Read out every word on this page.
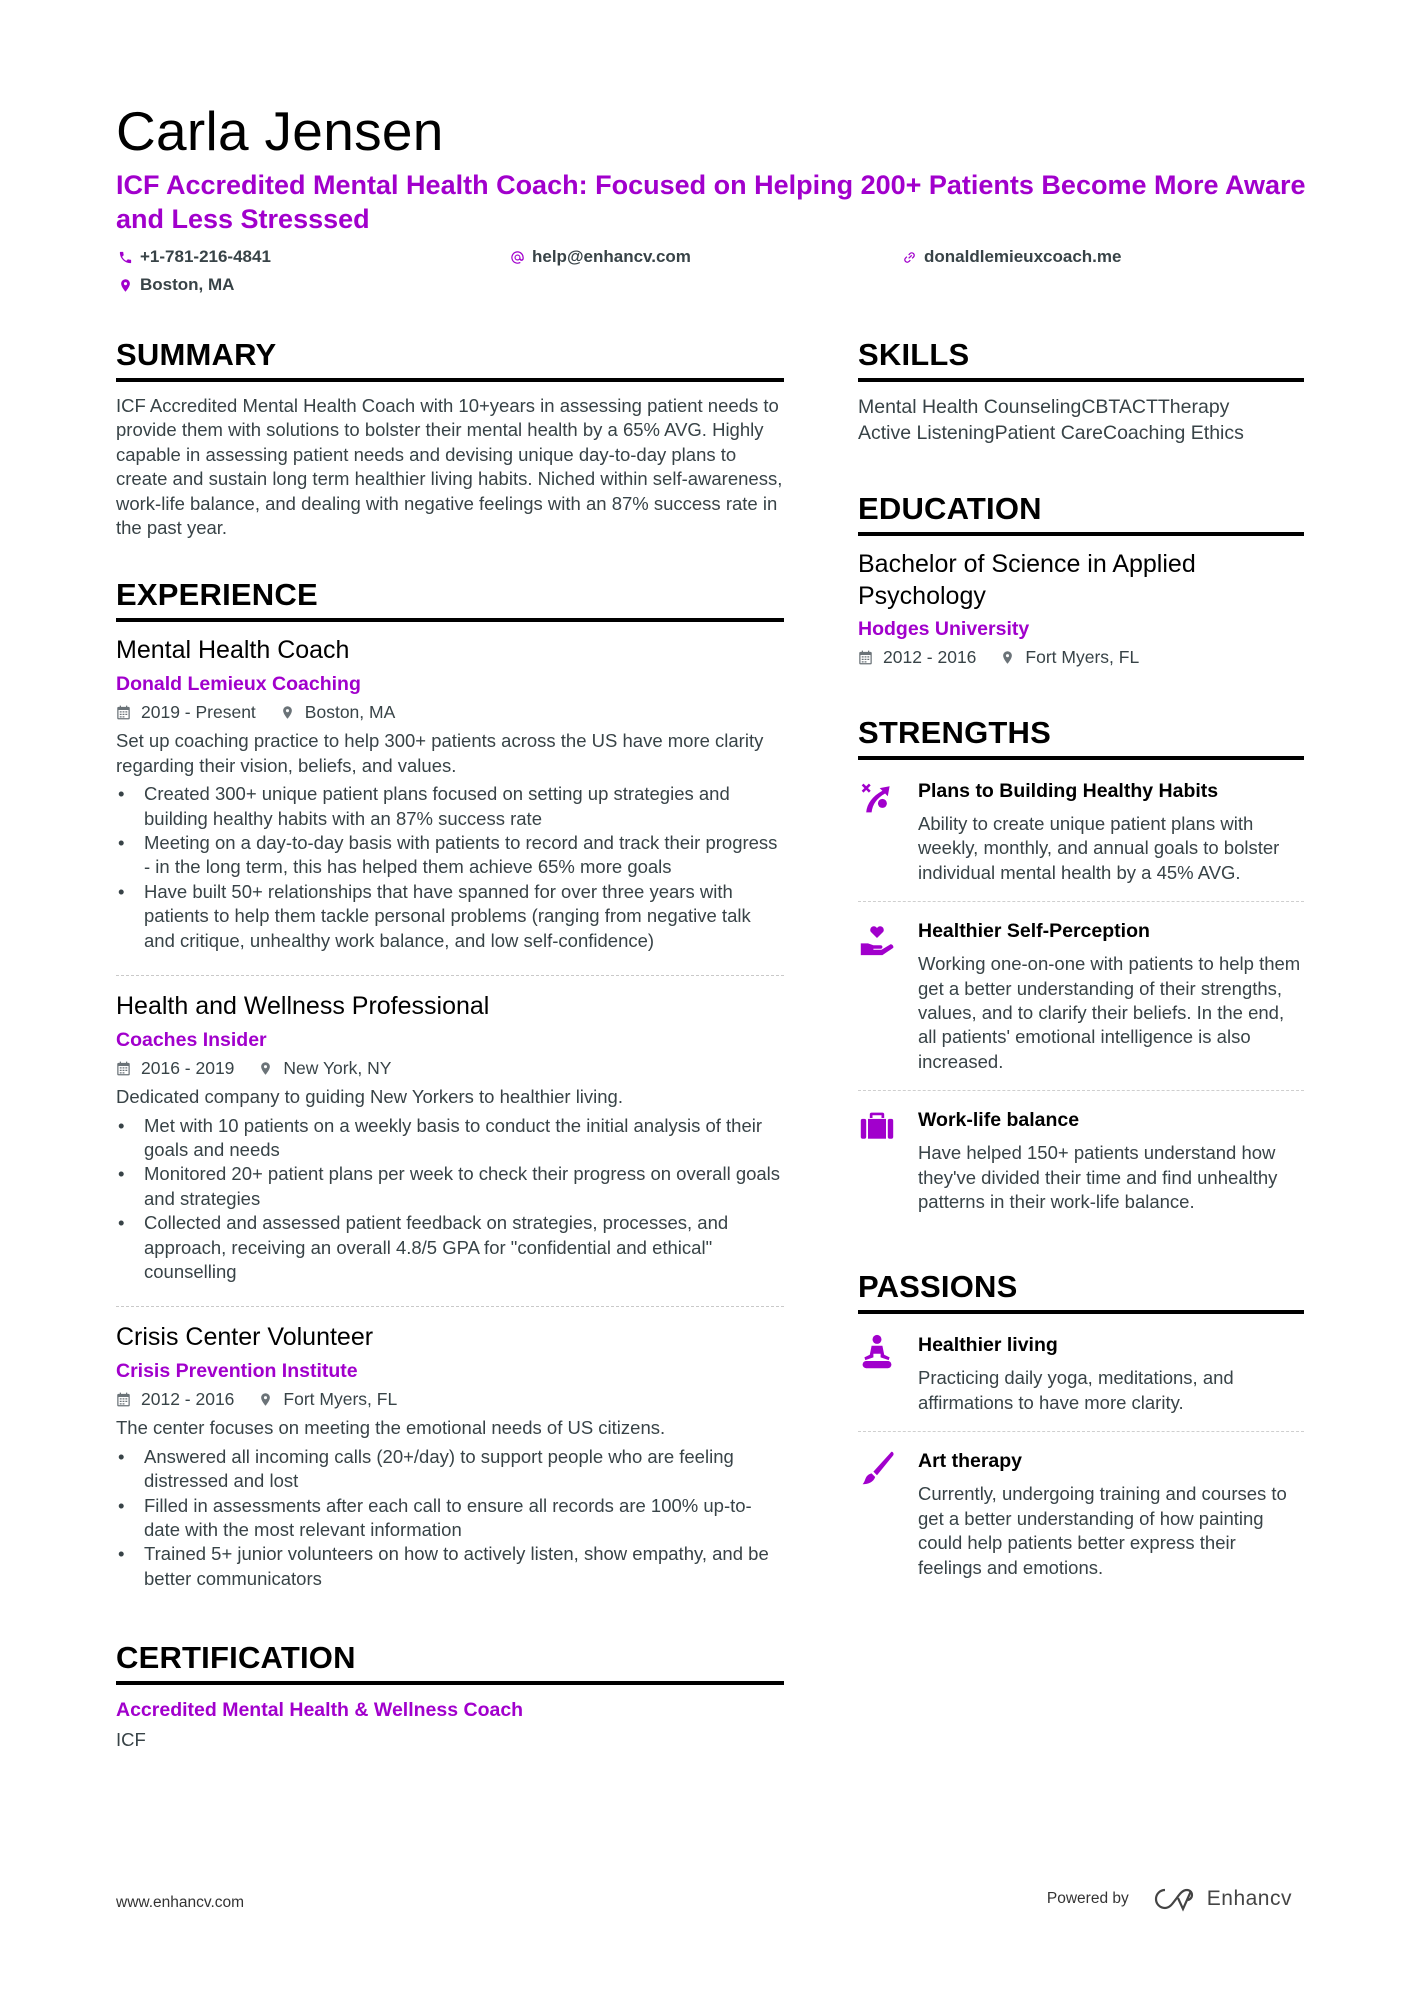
Carla Jensen
ICF Accredited Mental Health Coach: Focused on Helping 200+ Patients Become More Aware and Less Stresssed
+1-781-216-4841	help@enhancv.com	donaldlemieuxcoach.me
Boston, MA
SUMMARY
ICF Accredited Mental Health Coach with 10+years in assessing patient needs to provide them with solutions to bolster their mental health by a 65% AVG. Highly capable in assessing patient needs and devising unique day-to-day plans to create and sustain long term healthier living habits. Niched within self-awareness, work-life balance, and dealing with negative feelings with an 87% success rate in the past year.
EXPERIENCE
Mental Health Coach
Donald Lemieux Coaching
2019 - Present	Boston, MA
Set up coaching practice to help 300+ patients across the US have more clarity regarding their vision, beliefs, and values.
• Created 300+ unique patient plans focused on setting up strategies and building healthy habits with an 87% success rate
• Meeting on a day-to-day basis with patients to record and track their progress - in the long term, this has helped them achieve 65% more goals
• Have built 50+ relationships that have spanned for over three years with patients to help them tackle personal problems (ranging from negative talk and critique, unhealthy work balance, and low self-confidence)
Health and Wellness Professional
Coaches Insider
2016 - 2019	New York, NY
Dedicated company to guiding New Yorkers to healthier living.
• Met with 10 patients on a weekly basis to conduct the initial analysis of their goals and needs
• Monitored 20+ patient plans per week to check their progress on overall goals and strategies
• Collected and assessed patient feedback on strategies, processes, and approach, receiving an overall 4.8/5 GPA for "confidential and ethical" counselling
Crisis Center Volunteer
Crisis Prevention Institute
2012 - 2016	Fort Myers, FL
The center focuses on meeting the emotional needs of US citizens.
• Answered all incoming calls (20+/day) to support people who are feeling distressed and lost
• Filled in assessments after each call to ensure all records are 100% up-to-date with the most relevant information
• Trained 5+ junior volunteers on how to actively listen, show empathy, and be better communicators
CERTIFICATION
Accredited Mental Health & Wellness Coach
ICF
SKILLS
Mental Health CounselingCBTACTTherapy
Active ListeningPatient CareCoaching Ethics
EDUCATION
Bachelor of Science in Applied Psychology
Hodges University
2012 - 2016	Fort Myers, FL
STRENGTHS
Plans to Building Healthy Habits
Ability to create unique patient plans with weekly, monthly, and annual goals to bolster individual mental health by a 45% AVG.
Healthier Self-Perception
Working one-on-one with patients to help them get a better understanding of their strengths, values, and to clarify their beliefs. In the end, all patients' emotional intelligence is also increased.
Work-life balance
Have helped 150+ patients understand how they've divided their time and find unhealthy patterns in their work-life balance.
PASSIONS
Healthier living
Practicing daily yoga, meditations, and affirmations to have more clarity.
Art therapy
Currently, undergoing training and courses to get a better understanding of how painting could help patients better express their feelings and emotions.
www.enhancv.com	Powered by	Enhancv
